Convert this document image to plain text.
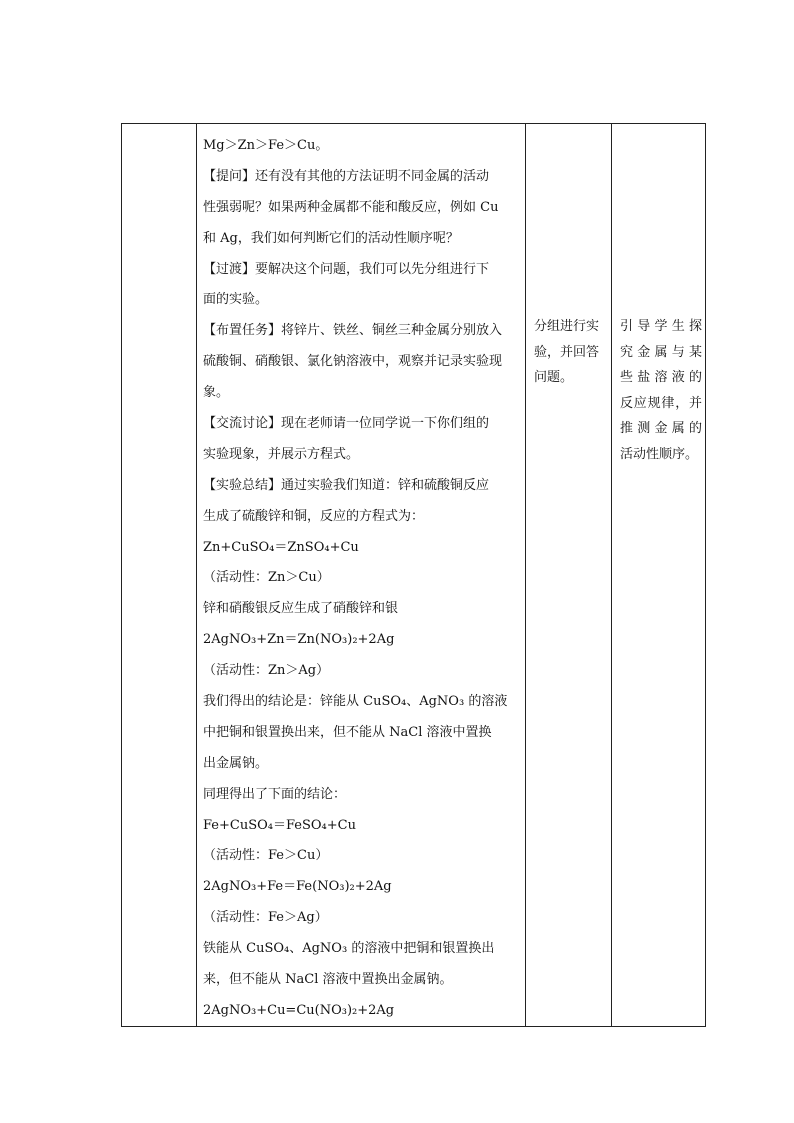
Mg＞Zn＞Fe＞Cu。
【提问】还有没有其他的方法证明不同金属的活动
性强弱呢？如果两种金属都不能和酸反应，例如 Cu
和 Ag，我们如何判断它们的活动性顺序呢？
【过渡】要解决这个问题，我们可以先分组进行下
面的实验。
【布置任务】将锌片、铁丝、铜丝三种金属分别放入
硫酸铜、硝酸银、氯化钠溶液中，观察并记录实验现
象。
【交流讨论】现在老师请一位同学说一下你们组的
实验现象，并展示方程式。
【实验总结】通过实验我们知道：锌和硫酸铜反应
生成了硫酸锌和铜，反应的方程式为：
Zn+CuSO₄＝ZnSO₄+Cu
（活动性：Zn＞Cu）
锌和硝酸银反应生成了硝酸锌和银
2AgNO₃+Zn＝Zn(NO₃)₂+2Ag
（活动性：Zn＞Ag）
我们得出的结论是：锌能从 CuSO₄、AgNO₃ 的溶液
中把铜和银置换出来，但不能从 NaCl 溶液中置换
出金属钠。
同理得出了下面的结论：
Fe+CuSO₄＝FeSO₄+Cu
（活动性：Fe＞Cu）
2AgNO₃+Fe＝Fe(NO₃)₂+2Ag
（活动性：Fe＞Ag）
铁能从 CuSO₄、AgNO₃ 的溶液中把铜和银置换出
来，但不能从 NaCl 溶液中置换出金属钠。
2AgNO₃+Cu=Cu(NO₃)₂+2Ag
分组进行实
验，并回答
问题。
引导学生探
究金属与某
些盐溶液的
反应规律，并
推测金属的
活动性顺序。
